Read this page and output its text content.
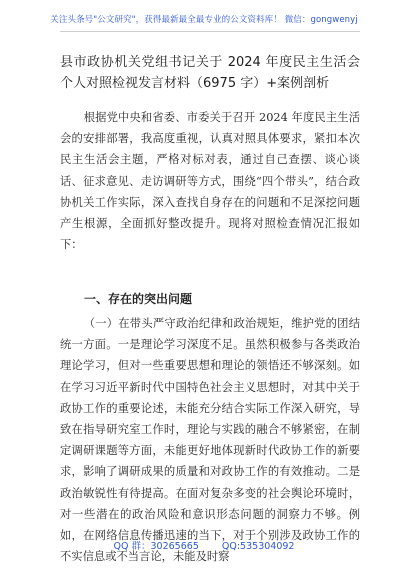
关注头条号"公文研究"，获得最新最全最专业的公文资料库！ 微信：gongwenyj
县市政协机关党组书记关于 2024 年度民主生活会个人对照检视发言材料（6975 字）+案例剖析
根据党中央和省委、市委关于召开 2024 年度民主生活会的安排部署，我高度重视，认真对照具体要求，紧扣本次民主生活会主题，严格对标对表，通过自己查摆、谈心谈话、征求意见、走访调研等方式，围绕“四个带头”，结合政协机关工作实际，深入查找自身存在的问题和不足深挖问题产生根源，全面抓好整改提升。现将对照检查情况汇报如下：
一、存在的突出问题
（一）在带头严守政治纪律和政治规矩，维护党的团结统一方面。一是理论学习深度不足。虽然积极参与各类政治理论学习，但对一些重要思想和理论的领悟还不够深刻。如在学习习近平新时代中国特色社会主义思想时，对其中关于政协工作的重要论述，未能充分结合实际工作深入研究，导致在指导研究室工作时，理论与实践的融合不够紧密，在制定调研课题等方面，未能更好地体现新时代政协工作的新要求，影响了调研成果的质量和对政协工作的有效推动。二是政治敏锐性有待提高。在面对复杂多变的社会舆论环境时，对一些潜在的政治风险和意识形态问题的洞察力不够。例如，在网络信息传播迅速的当下，对于个别涉及政协工作的不实信息或不当言论，未能及时察
QQ 群：30265665 QQ:535304092
